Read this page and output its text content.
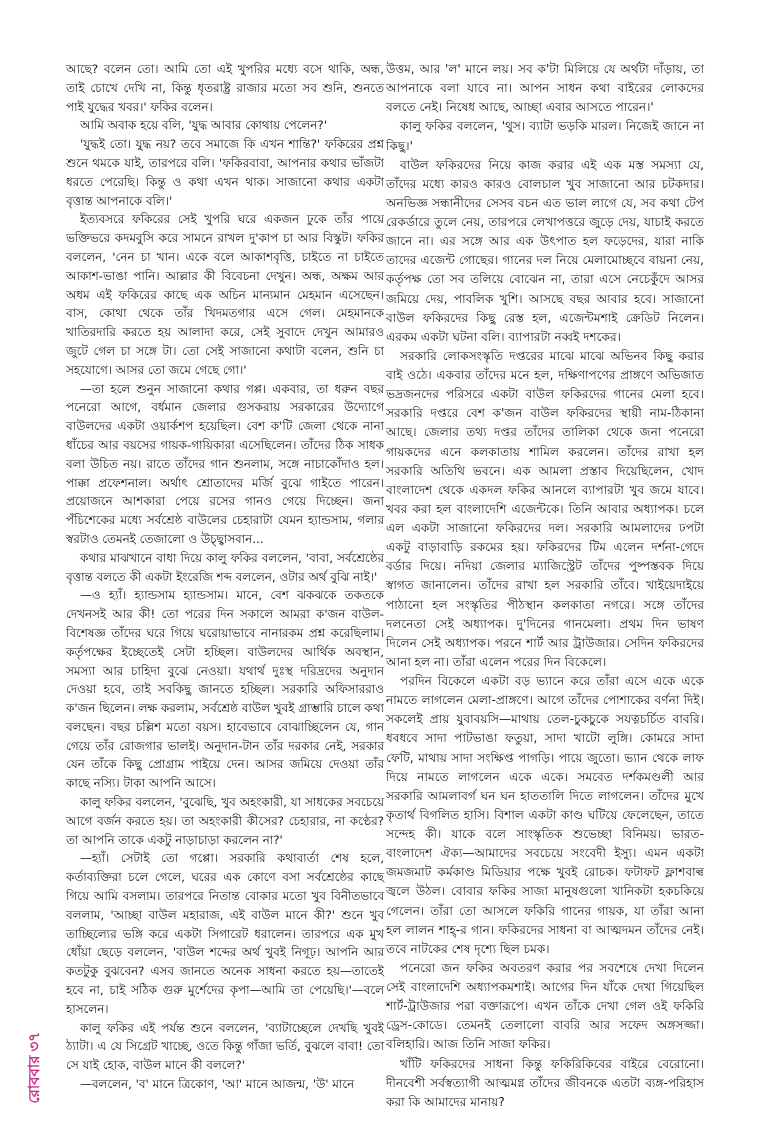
আছে? বলেন তো। আমি তো এই খুপরির মধ্যে বসে থাকি, অন্ধ, তাই চোখে দেখি না, কিন্তু ধৃতরাষ্ট্র রাজার মতো সব শুনি, শুনতে পাই যুদ্ধের খবর।' ফকির বলেন।

আমি অবাক হয়ে বলি, 'যুদ্ধ আবার কোথায় পেলেন?'

'যুদ্ধই তো। যুদ্ধ নয়? তবে সমাজে কি এখন শান্তি?' ফকিরের প্রশ্ন শুনে থমকে যাই, তারপরে বলি। 'ফকিরবাবা, আপনার কথার ভাঁজটা ধরতে পেরেছি। কিন্তু ও কথা এখন থাক। সাজানো কথার একটা বৃত্তান্ত আপনাকে বলি।'

ইত্যবসরে ফকিরের সেই খুপরি ঘরে একজন ঢুকে তাঁর পায়ে ভক্তিভরে কদমবুসি করে সামনে রাখল দু'কাপ চা আর বিস্কুট। ফকির বললেন, 'নেন চা খান। একে বলে আকাশবৃত্তি, চাইতে না চাইতে আকাশ-ভাঙা পানি। আল্লার কী বিবেচনা দেখুন। অন্ধ, অক্ষম আর অধম এই ফকিরের কাছে এক অচিন মান্যমান মেহমান এসেছেন। বাস, কোথা থেকে তাঁর খিদমতগার এসে গেল। মেহমানকে খাতিরদারি করতে হয় আলাদা করে, সেই সুবাদে দেখুন আমারও জুটে গেল চা সঙ্গে টা। তো সেই সাজানো কথাটা বলেন, শুনি চা সহযোগে। আসর তো জমে গেছে গো।'

—তা হলে শুনুন সাজানো কথার গপ্প। একবার, তা ধরুন বছর পনেরো আগে, বর্ধমান জেলার গুসকরায় সরকারের উদ্যোগে বাউলদের একটা ওয়ার্কশপ হয়েছিল। বেশ ক'টি জেলা থেকে নানা ধাঁচের আর বয়সের গায়ক-গায়িকারা এসেছিলেন। তাঁদের ঠিক সাধক বলা উচিত নয়। রাতে তাঁদের গান শুনলাম, সঙ্গে নাচাকোঁদাও হল। পাক্কা প্রফেশনাল। অর্থাৎ শ্রোতাদের মর্জি বুঝে গাইতে পারেন। প্রয়োজনে আশকারা পেয়ে রসের গানও গেয়ে দিচ্ছেন। জনা পঁচিশেকের মধ্যে সর্বশ্রেষ্ঠ বাউলের চেহারাটা যেমন হ্যান্ডসাম, গলার স্বরটাও তেমনই তেজালো ও উচ্ছ্বাসবান...

কথার মাঝখানে বাধা দিয়ে কালু ফকির বললেন, 'বাবা, সর্বশ্রেষ্ঠের বৃত্তান্ত বলতে কী একটা ইংরেজি শব্দ বললেন, ওটার অর্থ বুঝি নাই।'

—ও হ্যাঁ। হ্যান্ডসাম হ্যান্ডসাম। মানে, বেশ ঝকঝকে তকতকে দেখনসই আর কী! তো পরের দিন সকালে আমরা ক'জন বাউল-বিশেষজ্ঞ তাঁদের ঘরে গিয়ে ঘরোয়াভাবে নানারকম প্রশ্ন করেছিলাম। কর্তৃপক্ষের ইচ্ছেতেই সেটা হচ্ছিল। বাউলদের আর্থিক অবস্থান, সমস্যা আর চাহিদা বুঝে নেওয়া। যথার্থ দুঃস্থ দরিদ্রদের অনুদান দেওয়া হবে, তাই সবকিছু জানতে হচ্ছিল। সরকারি অফিসাররাও ক'জন ছিলেন। লক্ষ করলাম, সর্বশ্রেষ্ঠ বাউল খুবই গ্রাম্ভারি চালে কথা বলছেন। বছর চল্লিশ মতো বয়স। হাবেভাবে বোঝাচ্ছিলেন যে, গান গেয়ে তাঁর রোজগার ভালই। অনুদান-টান তাঁর দরকার নেই, সরকার যেন তাঁকে কিছু প্রোগ্রাম পাইয়ে দেন। আসর জমিয়ে দেওয়া তাঁর কাছে নস্যি। টাকা আপনি আসে।

কালু ফকির বললেন, 'বুঝেছি, খুব অহংকারী, যা সাধকের সবচেয়ে আগে বর্জন করতে হয়। তা অহংকারী কীসের? চেহারার, না কণ্ঠের? তা আপনি তাকে একটু নাড়াচাড়া করলেন না?'

—হ্যাঁ। সেটাই তো গপ্পো। সরকারি কথাবার্তা শেষ হলে, কর্তাব্যক্তিরা চলে গেলে, ঘরের এক কোণে বসা সর্বশ্রেষ্ঠের কাছে গিয়ে আমি বসলাম। তারপরে নিতান্ত বোকার মতো খুব বিনীতভাবে বললাম, 'আচ্ছা বাউল মহারাজ, এই বাউল মানে কী?' শুনে খুব তাচ্ছিল্যের ভঙ্গি করে একটা সিগারেট ধরালেন। তারপরে এক মুখ ধোঁয়া ছেড়ে বললেন, 'বাউল শব্দের অর্থ খুবই নিগূঢ়। আপনি আর কতটুকু বুঝবেন? এসব জানতে অনেক সাধনা করতে হয়—তাতেই হবে না, চাই সঠিক গুরু মুর্শেদের কৃপা—আমি তা পেয়েছি।'—বলে হাসলেন।

কালু ফকির এই পর্যন্ত শুনে বললেন, 'ব্যাটাচ্ছেলে দেখছি খুবই ঠ্যাটা। এ যে সিগ্রেট খাচ্ছে, ওতে কিন্তু গাঁজা ভর্তি, বুঝলে বাবা! তো সে যাই হোক, বাউল মানে কী বললে?'

—বললেন, 'ব' মানে ত্রিকোণ, 'আ' মানে আজন্ম, 'উ' মানে

উত্তম, আর 'ল' মানে লয়। সব ক'টা মিলিয়ে যে অর্থটা দাঁড়ায়, তা আপনাকে বলা যাবে না। আপন সাধন কথা বাইরের লোকদের বলতে নেই। নিষেধ আছে, আচ্ছা এবার আসতে পারেন।'

কালু ফকির বললেন, 'থুস। ব্যাটা ভড়কি মারল। নিজেই জানে না কিছু।'

বাউল ফকিরদের নিয়ে কাজ করার এই এক মস্ত সমস্যা যে, তাঁদের মধ্যে কারও কারও বোলচাল খুব সাজানো আর চটকদার। অনভিজ্ঞ সন্ধানীদের সেসব বচন এত ভাল লাগে যে, সব কথা টেপ রেকর্ডারে তুলে নেয়, তারপরে লেখাপত্তরে জুড়ে দেয়, যাচাই করতে জানে না। এর সঙ্গে আর এক উৎপাত হল ফড়েদের, যারা নাকি তাদের এজেন্ট গোছের। গানের দল নিয়ে মেলামোচ্ছবে বায়না নেয়, কর্তৃপক্ষ তো সব তলিয়ে বোঝেন না, তারা এসে নেচেকুঁদে আসর জমিয়ে দেয়, পাবলিক খুশি। আসছে বছর আবার হবে। সাজানো বাউল ফকিরদের কিছু রেস্ত হল, এজেন্টমশাই ক্রেডিট নিলেন। এরকম একটা ঘটনা বলি। ব্যাপারটা নব্বই দশকের।

সরকারি লোকসংস্কৃতি দপ্তরের মাঝে মাঝে অভিনব কিছু করার বাই ওঠে। একবার তাঁদের মনে হল, দক্ষিণাপণের প্রাঙ্গণে অভিজাত ভদ্রজনদের পরিসরে একটা বাউল ফকিরদের গানের মেলা হবে। সরকারি দপ্তরে বেশ ক'জন বাউল ফকিরদের স্থায়ী নাম-ঠিকানা আছে। জেলার তথ্য দপ্তর তাঁদের তালিকা থেকে জনা পনেরো গায়কদের এনে কলকাতায় শামিল করলেন। তাঁদের রাখা হল সরকারি অতিথি ভবনে। এক আমলা প্রস্তাব দিয়েছিলেন, খোদ বাংলাদেশ থেকে একদল ফকির আনলে ব্যাপারটা খুব জমে যাবে। খবর করা হল বাংলাদেশি এজেন্টকে। তিনি আবার অধ্যাপক। চলে এল একটা সাজানো ফকিরদের দল। সরকারি আমলাদের ঢপটা একটু বাড়াবাড়ি রকমের হয়। ফকিরদের টিম এলেন দর্শনা-গেদে বর্ডার দিয়ে। নদিয়া জেলার ম্যাজিস্ট্রেট তাঁদের পুষ্পস্তবক দিয়ে স্বাগত জানালেন। তাঁদের রাখা হল সরকারি তাঁবে। খাইয়েদাইয়ে পাঠানো হল সংস্কৃতির পীঠস্থান কলকাতা নগরে। সঙ্গে তাঁদের দলনেতা সেই অধ্যাপক। দু'দিনের গানমেলা। প্রথম দিন ভাষণ দিলেন সেই অধ্যাপক। পরনে শার্ট আর ট্রাউজার। সেদিন ফকিরদের আনা হল না। তাঁরা এলেন পরের দিন বিকেলে।

পরদিন বিকেলে একটা বড় ভ্যানে করে তাঁরা এসে একে একে নামতে লাগলেন মেলা-প্রাঙ্গণে। আগে তাঁদের পোশাকের বর্ণনা দিই। সকলেই প্রায় যুবাবয়সি—মাথায় তেল-চুকচুকে সযত্নচর্চিত বাবরি। ধবধবে সাদা পাটভাঙা ফতুয়া, সাদা খাটো লুঙ্গি। কোমরে সাদা ফেটি, মাথায় সাদা সংক্ষিপ্ত পাগড়ি। পায়ে জুতো। ভ্যান থেকে লাফ দিয়ে নামতে লাগলেন একে একে। সমবেত দর্শকমণ্ডলী আর সরকারি আমলাবর্গ ঘন ঘন হাততালি দিতে লাগলেন। তাঁদের মুখে কৃতার্থ বিগলিত হাসি। বিশাল একটা কাণ্ড ঘটিয়ে ফেলেছেন, তাতে সন্দেহ কী। যাকে বলে সাংস্কৃতিক শুভেচ্ছা বিনিময়। ভারত-বাংলাদেশ ঐক্য—আমাদের সবচেয়ে সংবেদী ইস্যু। এমন একটা জমজমাট কর্মকাণ্ড মিডিয়ার পক্ষে খুবই রোচক। ফটাফট ফ্লাশবাল্ব জ্বলে উঠল। বোবার ফকির সাজা মানুষগুলো খানিকটা হকচকিয়ে গেলেন। তাঁরা তো আসলে ফকিরি গানের গায়ক, যা তাঁরা আনা হল লালন শাহ্-র গান। ফকিরদের সাধনা বা আত্মদমন তাঁদের নেই। তবে নাটকের শেষ দৃশ্যে ছিল চমক।

পনেরো জন ফকির অবতরণ করার পর সবশেষে দেখা দিলেন সেই বাংলাদেশি অধ্যাপকমশাই। আগের দিন যাঁকে দেখা গিয়েছিল শার্ট-ট্রাউজার পরা বক্তারূপে। এখন তাঁকে দেখা গেল ওই ফকিরি ড্রেস-কোডে। তেমনই তেলালো বাবরি আর সফেদ অঙ্গসজ্জা। বলিহারি। আজ তিনি সাজা ফকির।

খাঁটি ফকিরদের সাধনা কিন্তু ফকিরিকিবের বাইরে বেরোনো। দীনবেশী সর্বস্বত্যাগী আত্মমগ্ন তাঁদের জীবনকে এতটা ব্যঙ্গ-পরিহাস করা কি আমাদের মানায়?

রোববার৩৭
